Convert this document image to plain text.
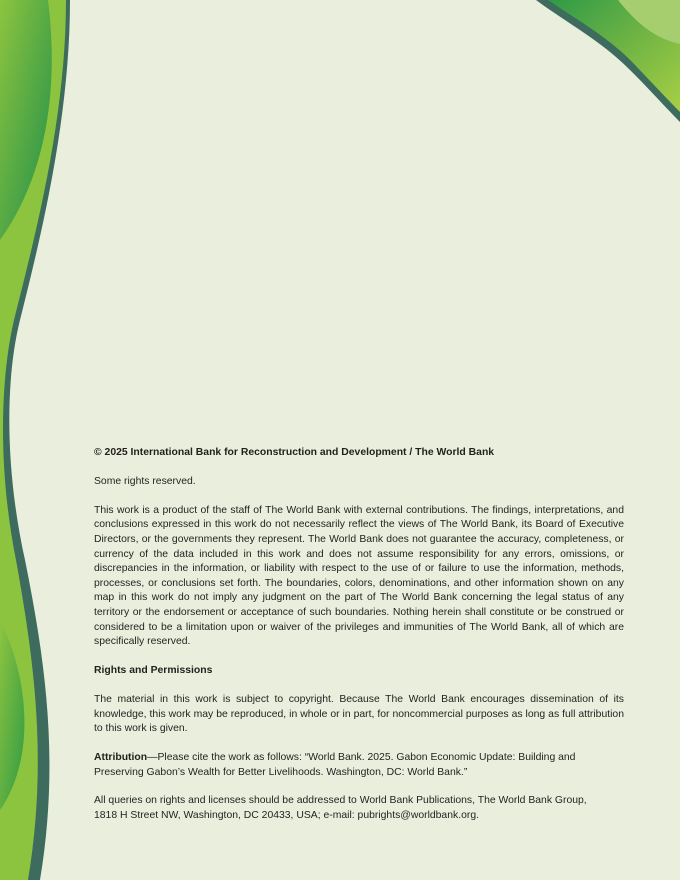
© 2025 International Bank for Reconstruction and Development / The World Bank

Some rights reserved.

This work is a product of the staff of The World Bank with external contributions. The findings, interpretations, and conclusions expressed in this work do not necessarily reflect the views of The World Bank, its Board of Executive Directors, or the governments they represent. The World Bank does not guarantee the accuracy, completeness, or currency of the data included in this work and does not assume responsibility for any errors, omissions, or discrepancies in the information, or liability with respect to the use of or failure to use the information, methods, processes, or conclusions set forth. The boundaries, colors, denominations, and other information shown on any map in this work do not imply any judgment on the part of The World Bank concerning the legal status of any territory or the endorsement or acceptance of such boundaries. Nothing herein shall constitute or be construed or considered to be a limitation upon or waiver of the privileges and immunities of The World Bank, all of which are specifically reserved.

Rights and Permissions

The material in this work is subject to copyright. Because The World Bank encourages dissemination of its knowledge, this work may be reproduced, in whole or in part, for noncommercial purposes as long as full attribution to this work is given.

Attribution—Please cite the work as follows: “World Bank. 2025. Gabon Economic Update: Building and Preserving Gabon’s Wealth for Better Livelihoods. Washington, DC: World Bank.”

All queries on rights and licenses should be addressed to World Bank Publications, The World Bank Group,
1818 H Street NW, Washington, DC 20433, USA; e-mail: pubrights@worldbank.org.
